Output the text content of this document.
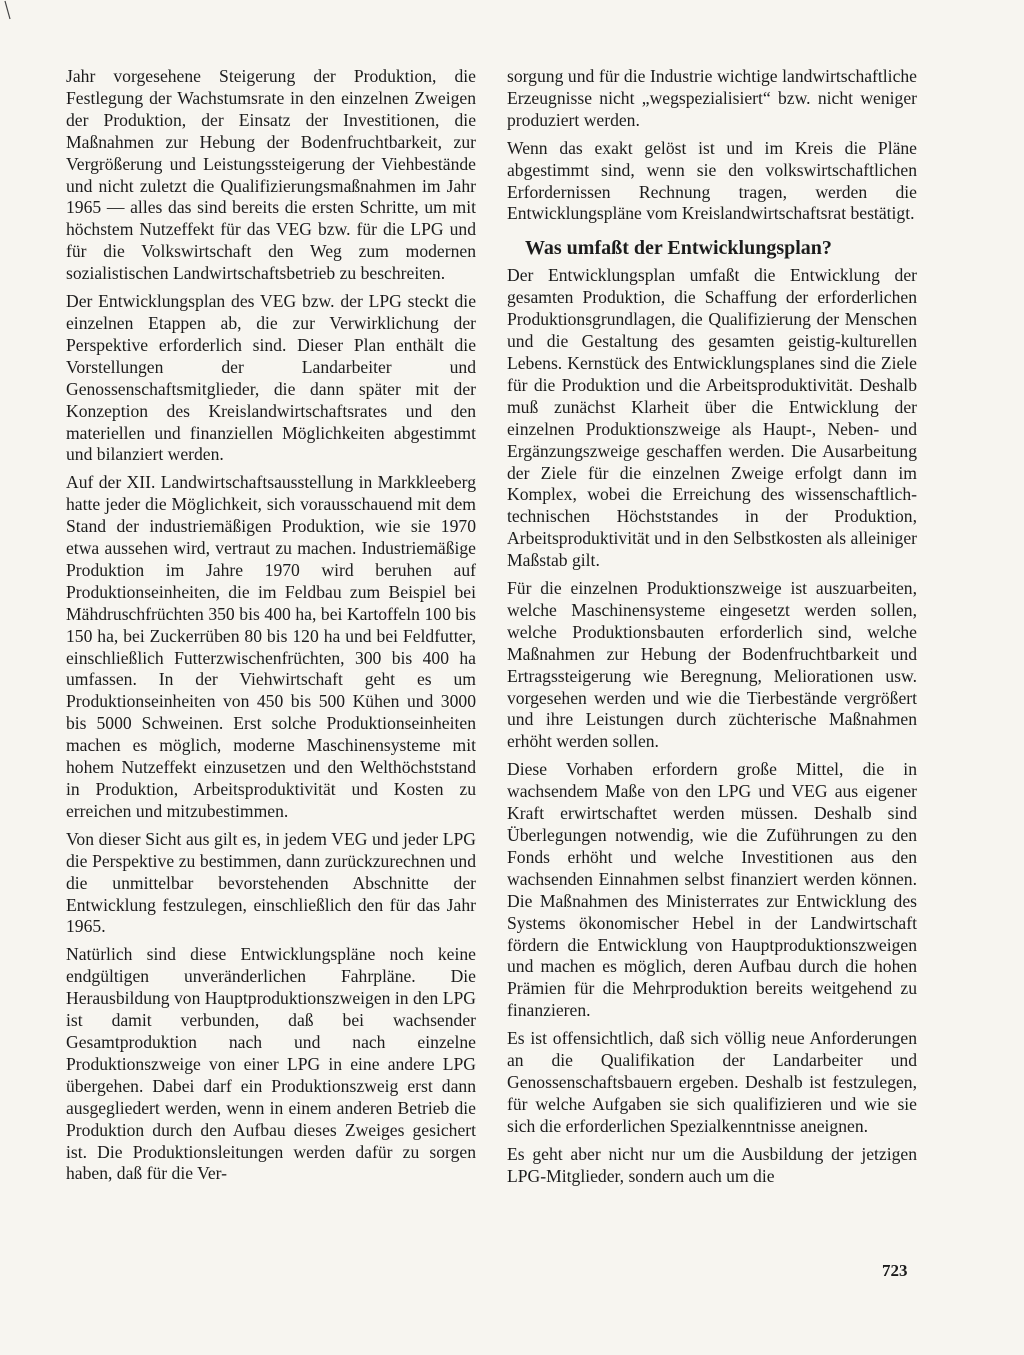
Jahr vorgesehene Steigerung der Produktion, die Festlegung der Wachstumsrate in den einzelnen Zweigen der Produktion, der Einsatz der Investitionen, die Maßnahmen zur Hebung der Bodenfruchtbarkeit, zur Vergrößerung und Leistungssteigerung der Viehbestände und nicht zuletzt die Qualifizierungsmaßnahmen im Jahr 1965 — alles das sind bereits die ersten Schritte, um mit höchstem Nutzeffekt für das VEG bzw. für die LPG und für die Volkswirtschaft den Weg zum modernen sozialistischen Landwirtschaftsbetrieb zu beschreiten.

Der Entwicklungsplan des VEG bzw. der LPG steckt die einzelnen Etappen ab, die zur Verwirklichung der Perspektive erforderlich sind. Dieser Plan enthält die Vorstellungen der Landarbeiter und Genossenschaftsmitglieder, die dann später mit der Konzeption des Kreislandwirtschaftsrates und den materiellen und finanziellen Möglichkeiten abgestimmt und bilanziert werden.

Auf der XII. Landwirtschaftsausstellung in Markkleeberg hatte jeder die Möglichkeit, sich vorausschauend mit dem Stand der industriemäßigen Produktion, wie sie 1970 etwa aussehen wird, vertraut zu machen. Industriemäßige Produktion im Jahre 1970 wird beruhen auf Produktionseinheiten, die im Feldbau zum Beispiel bei Mähdruschfrüchten 350 bis 400 ha, bei Kartoffeln 100 bis 150 ha, bei Zuckerrüben 80 bis 120 ha und bei Feldfutter, einschließlich Futterzwischenfrüchten, 300 bis 400 ha umfassen. In der Viehwirtschaft geht es um Produktionseinheiten von 450 bis 500 Kühen und 3000 bis 5000 Schweinen. Erst solche Produktionseinheiten machen es möglich, moderne Maschinensysteme mit hohem Nutzeffekt einzusetzen und den Welthöchststand in Produktion, Arbeitsproduktivität und Kosten zu erreichen und mitzubestimmen.

Von dieser Sicht aus gilt es, in jedem VEG und jeder LPG die Perspektive zu bestimmen, dann zurückzurechnen und die unmittelbar bevorstehenden Abschnitte der Entwicklung festzulegen, einschließlich den für das Jahr 1965.

Natürlich sind diese Entwicklungspläne noch keine endgültigen unveränderlichen Fahrpläne. Die Herausbildung von Hauptproduktionszweigen in den LPG ist damit verbunden, daß bei wachsender Gesamtproduktion nach und nach einzelne Produktionszweige von einer LPG in eine andere LPG übergehen. Dabei darf ein Produktionszweig erst dann ausgegliedert werden, wenn in einem anderen Betrieb die Produktion durch den Aufbau dieses Zweiges gesichert ist. Die Produktionsleitungen werden dafür zu sorgen haben, daß für die Ver-

sorgung und für die Industrie wichtige landwirtschaftliche Erzeugnisse nicht „wegspezialisiert“ bzw. nicht weniger produziert werden.

Wenn das exakt gelöst ist und im Kreis die Pläne abgestimmt sind, wenn sie den volkswirtschaftlichen Erfordernissen Rechnung tragen, werden die Entwicklungspläne vom Kreislandwirtschaftsrat bestätigt.

Was umfaßt der Entwicklungsplan?

Der Entwicklungsplan umfaßt die Entwicklung der gesamten Produktion, die Schaffung der erforderlichen Produktionsgrundlagen, die Qualifizierung der Menschen und die Gestaltung des gesamten geistig-kulturellen Lebens. Kernstück des Entwicklungsplanes sind die Ziele für die Produktion und die Arbeitsproduktivität. Deshalb muß zunächst Klarheit über die Entwicklung der einzelnen Produktionszweige als Haupt-, Neben- und Ergänzungszweige geschaffen werden. Die Ausarbeitung der Ziele für die einzelnen Zweige erfolgt dann im Komplex, wobei die Erreichung des wissenschaftlich-technischen Höchststandes in der Produktion, Arbeitsproduktivität und in den Selbstkosten als alleiniger Maßstab gilt.

Für die einzelnen Produktionszweige ist auszuarbeiten, welche Maschinensysteme eingesetzt werden sollen, welche Produktionsbauten erforderlich sind, welche Maßnahmen zur Hebung der Bodenfruchtbarkeit und Ertragssteigerung wie Beregnung, Meliorationen usw. vorgesehen werden und wie die Tierbestände vergrößert und ihre Leistungen durch züchterische Maßnahmen erhöht werden sollen.

Diese Vorhaben erfordern große Mittel, die in wachsendem Maße von den LPG und VEG aus eigener Kraft erwirtschaftet werden müssen. Deshalb sind Überlegungen notwendig, wie die Zuführungen zu den Fonds erhöht und welche Investitionen aus den wachsenden Einnahmen selbst finanziert werden können. Die Maßnahmen des Ministerrates zur Entwicklung des Systems ökonomischer Hebel in der Landwirtschaft fördern die Entwicklung von Hauptproduktionszweigen und machen es möglich, deren Aufbau durch die hohen Prämien für die Mehrproduktion bereits weitgehend zu finanzieren.

Es ist offensichtlich, daß sich völlig neue Anforderungen an die Qualifikation der Landarbeiter und Genossenschaftsbauern ergeben. Deshalb ist festzulegen, für welche Aufgaben sie sich qualifizieren und wie sie sich die erforderlichen Spezialkenntnisse aneignen.

Es geht aber nicht nur um die Ausbildung der jetzigen LPG-Mitglieder, sondern auch um die

723
